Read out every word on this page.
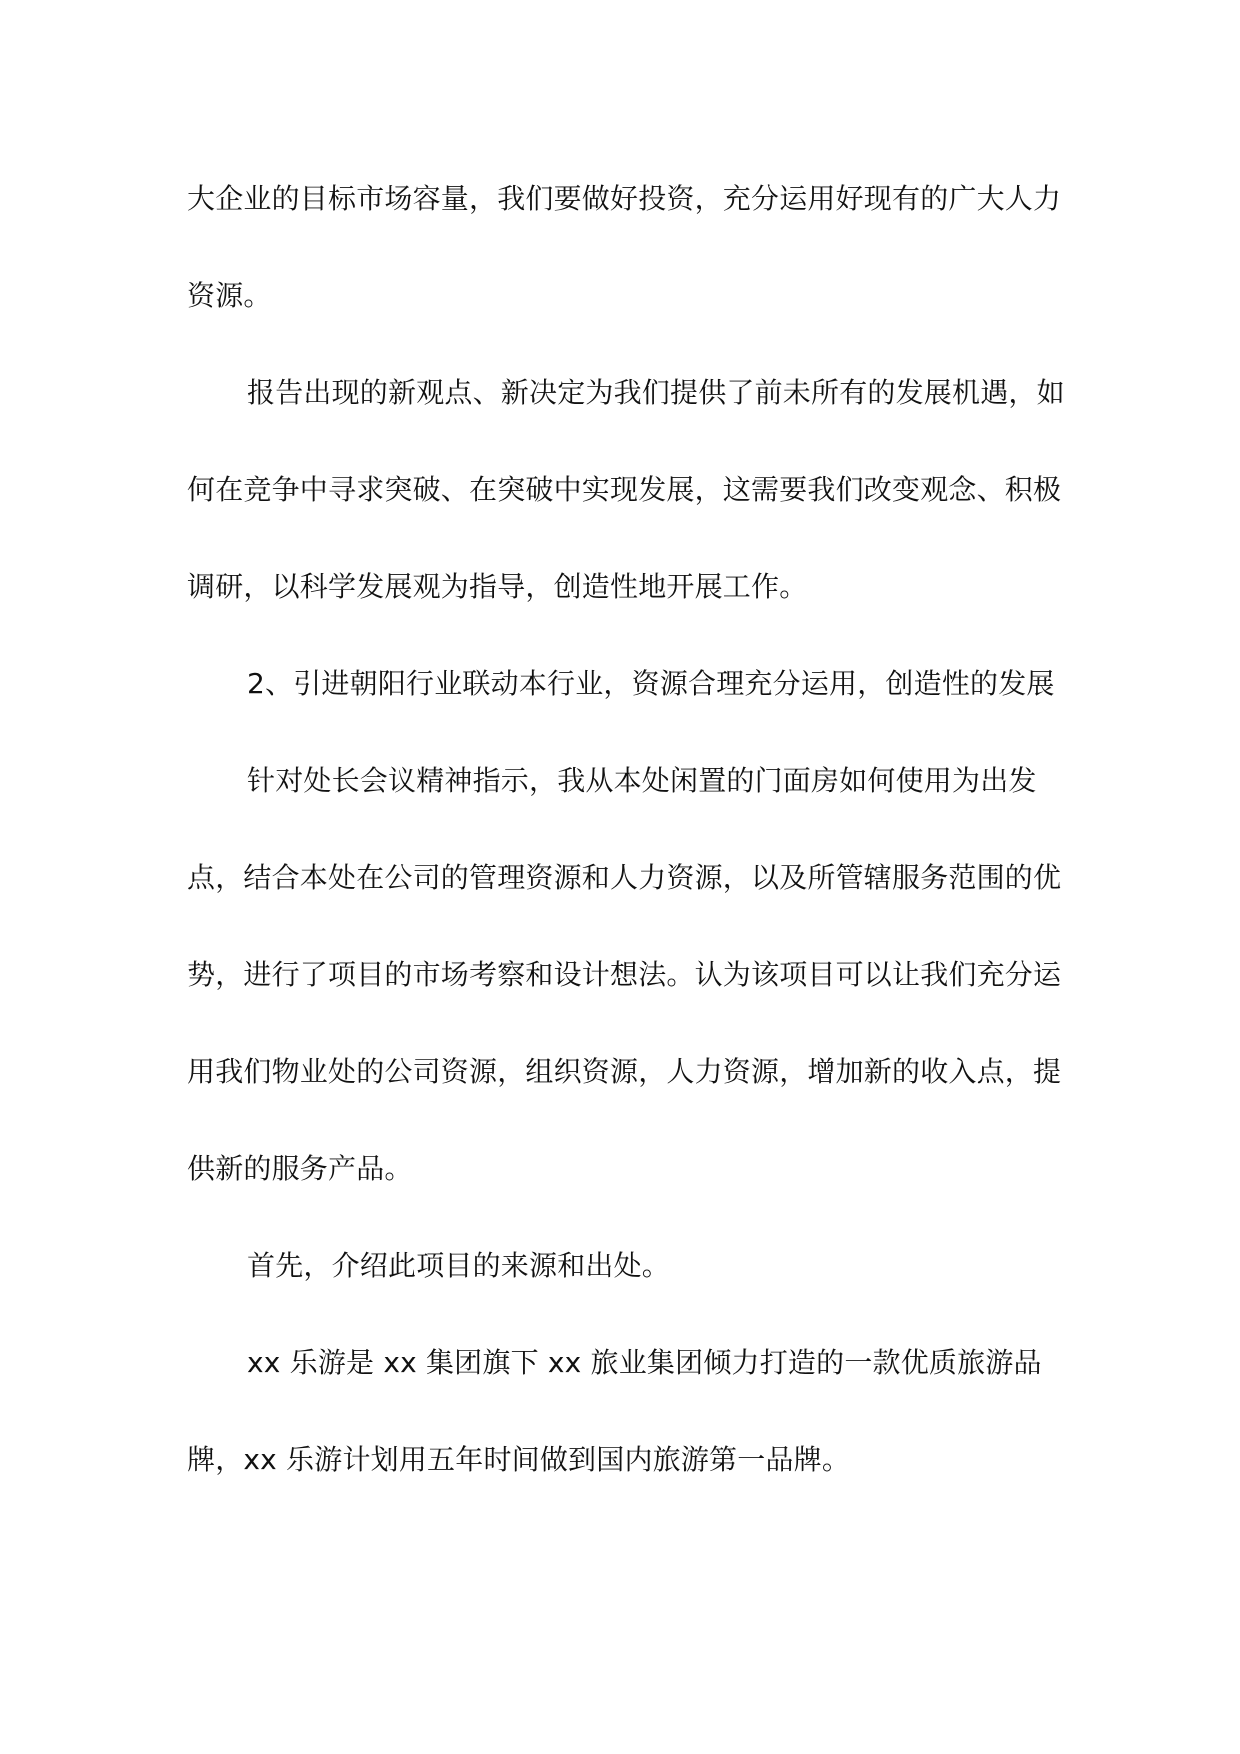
大企业的目标市场容量，我们要做好投资，充分运用好现有的广大人力资源。

报告出现的新观点、新决定为我们提供了前未所有的发展机遇，如何在竞争中寻求突破、在突破中实现发展，这需要我们改变观念、积极调研，以科学发展观为指导，创造性地开展工作。

2、引进朝阳行业联动本行业，资源合理充分运用，创造性的发展

针对处长会议精神指示，我从本处闲置的门面房如何使用为出发点，结合本处在公司的管理资源和人力资源，以及所管辖服务范围的优势，进行了项目的市场考察和设计想法。认为该项目可以让我们充分运用我们物业处的公司资源，组织资源，人力资源，增加新的收入点，提供新的服务产品。

首先，介绍此项目的来源和出处。

xx 乐游是 xx 集团旗下 xx 旅业集团倾力打造的一款优质旅游品牌，xx 乐游计划用五年时间做到国内旅游第一品牌。
